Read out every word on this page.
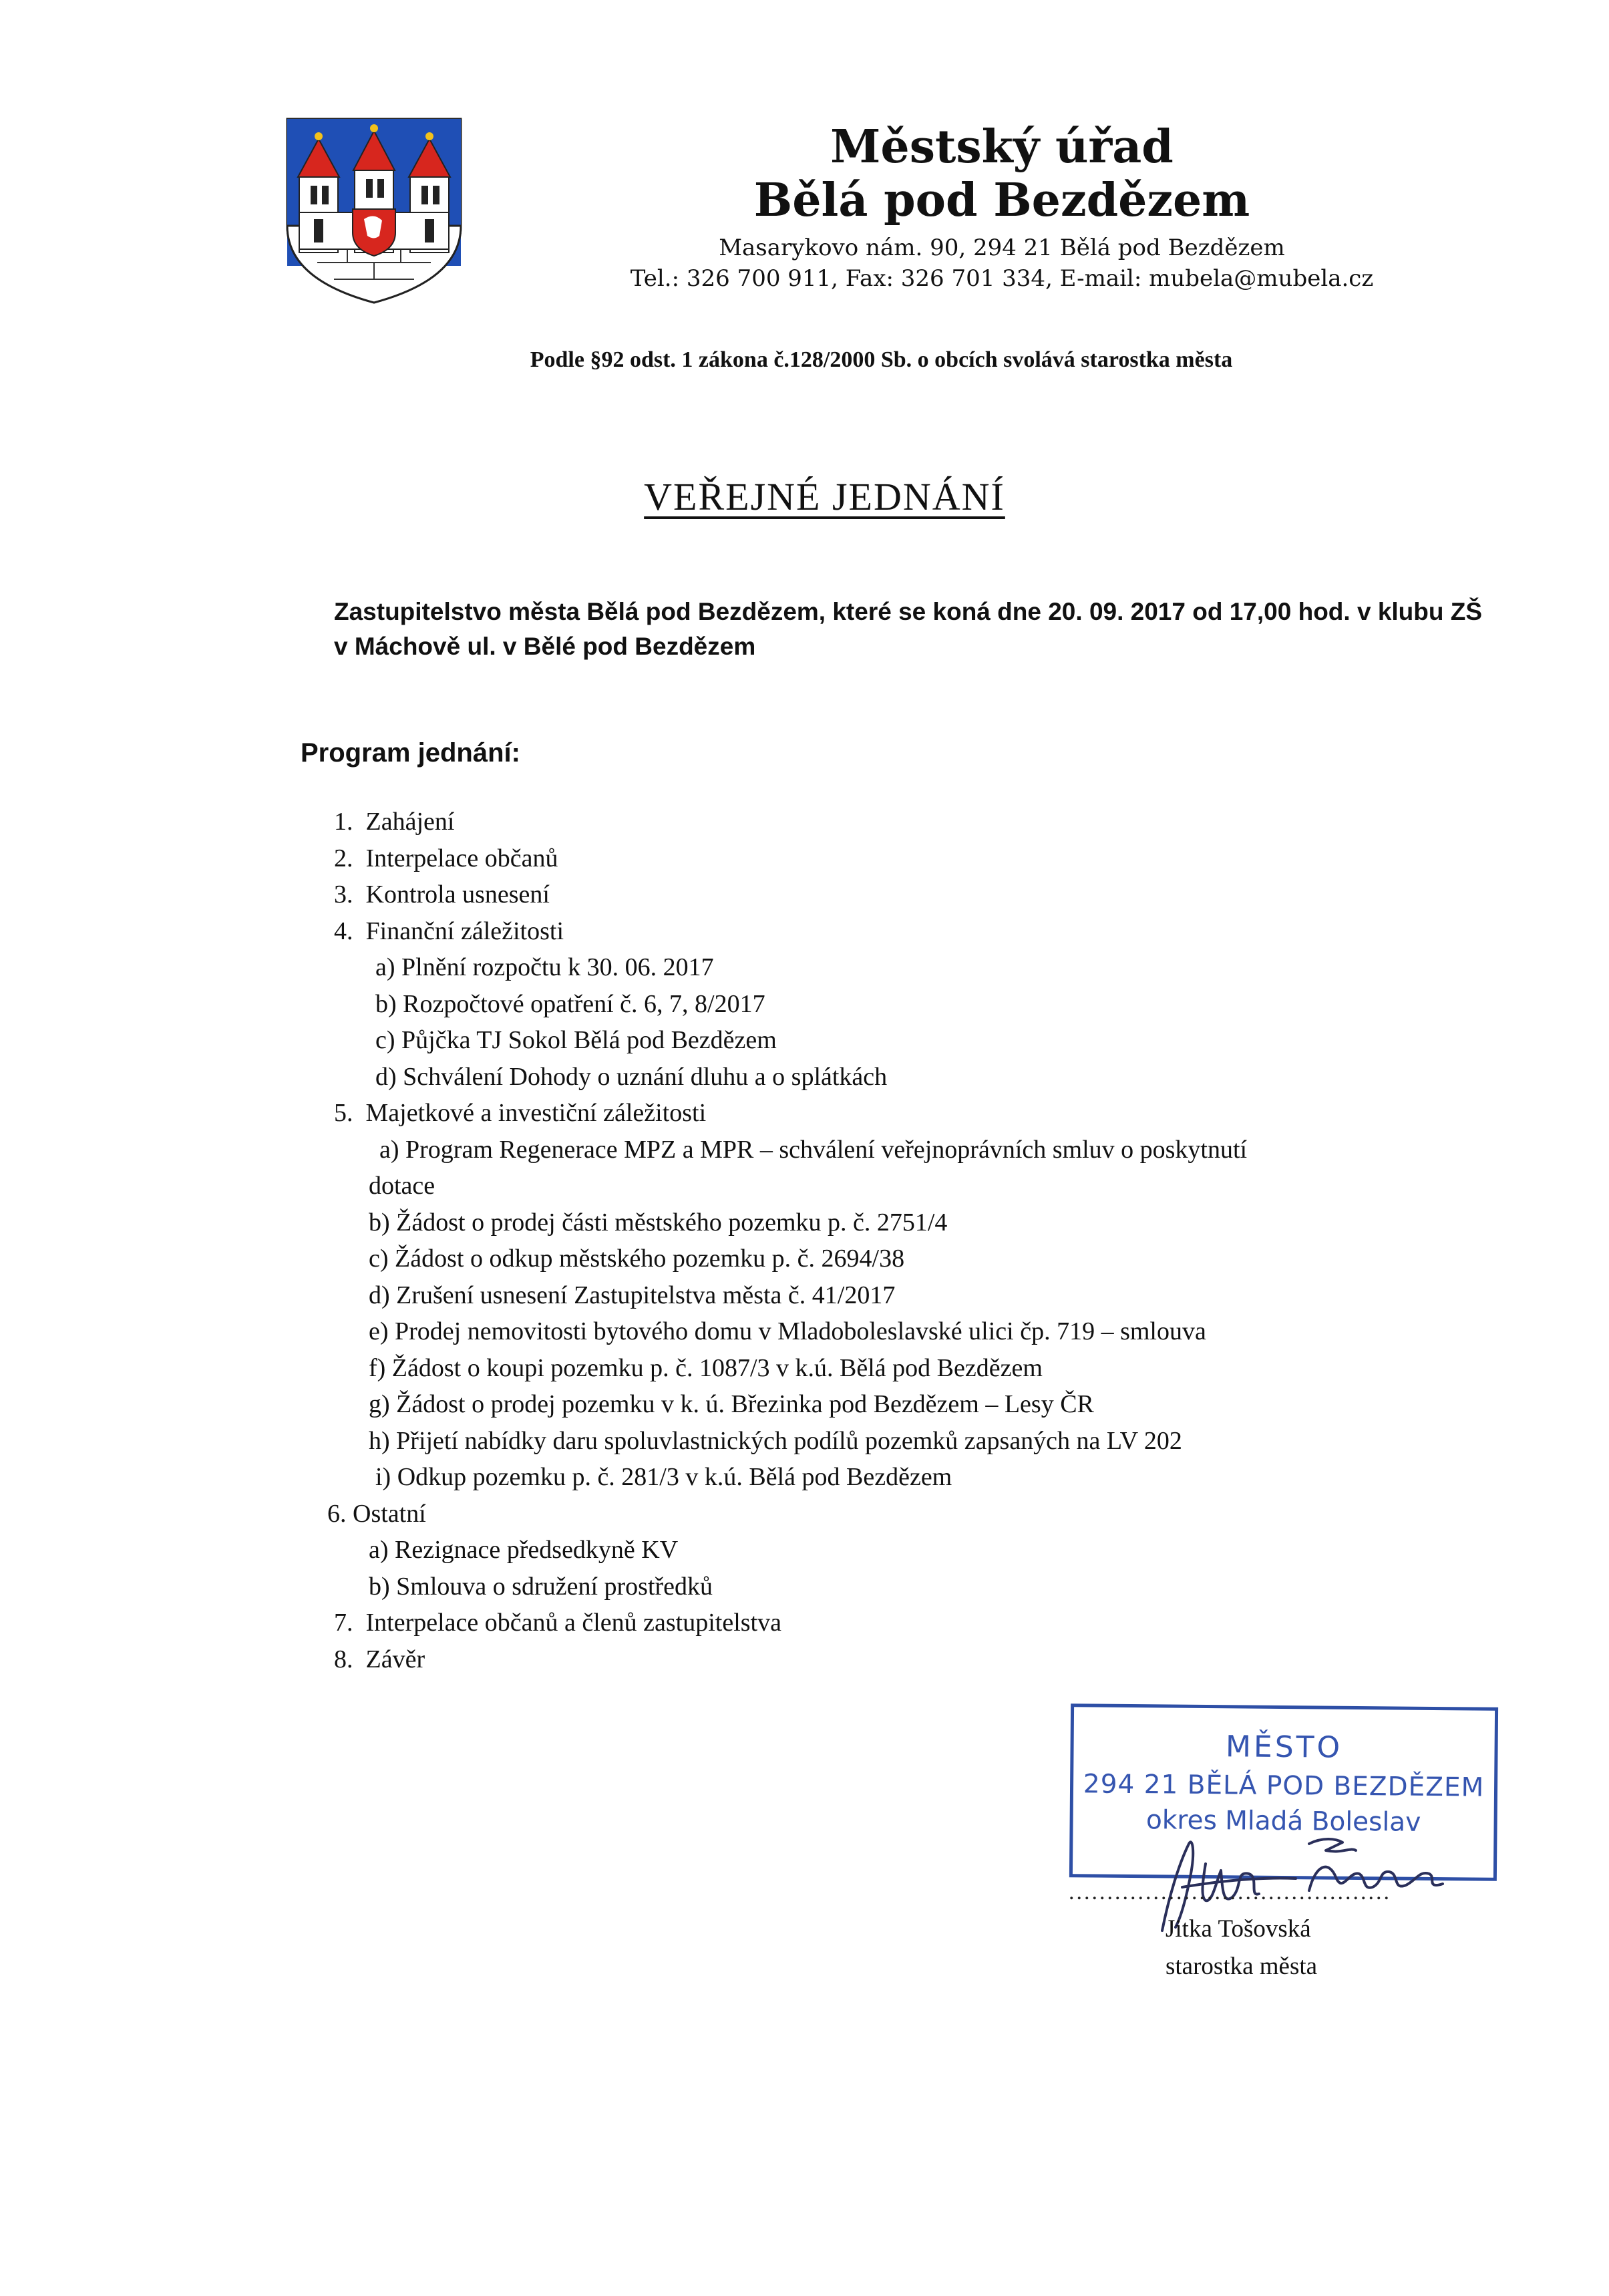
Městský úřad
Bělá pod Bezdězem
Masarykovo nám. 90, 294 21 Bělá pod Bezdězem
Tel.: 326 700 911, Fax: 326 701 334, E-mail: mubela@mubela.cz
Podle §92 odst. 1 zákona č.128/2000 Sb. o obcích svolává starostka města
VEŘEJNÉ JEDNÁNÍ
Zastupitelstvo města Bělá pod Bezdězem, které se koná dne 20. 09. 2017 od 17,00 hod. v klubu ZŠ
v Máchově ul. v Bělé pod Bezdězem
Program jednání:
1.  Zahájení
2.  Interpelace občanů
3.  Kontrola usnesení
4.  Finanční záležitosti
a) Plnění rozpočtu k 30. 06. 2017
b) Rozpočtové opatření č. 6, 7, 8/2017
c) Půjčka TJ Sokol Bělá pod Bezdězem
d) Schválení Dohody o uznání dluhu a o splátkách
5.  Majetkové a investiční záležitosti
a) Program Regenerace MPZ a MPR – schválení veřejnoprávních smluv o poskytnutí
dotace
b) Žádost o prodej části městského pozemku p. č. 2751/4
c) Žádost o odkup městského pozemku p. č. 2694/38
d) Zrušení usnesení Zastupitelstva města č. 41/2017
e) Prodej nemovitosti bytového domu v Mladoboleslavské ulici čp. 719 – smlouva
f) Žádost o koupi pozemku p. č. 1087/3 v k.ú. Bělá pod Bezdězem
g) Žádost o prodej pozemku v k. ú. Březinka pod Bezdězem – Lesy ČR
h) Přijetí nabídky daru spoluvlastnických podílů pozemků zapsaných na LV 202
i) Odkup pozemku p. č. 281/3 v k.ú. Bělá pod Bezdězem
6. Ostatní
a) Rezignace předsedkyně KV
b) Smlouva o sdružení prostředků
7.  Interpelace občanů a členů zastupitelstva
8.  Závěr
MĚSTO
294 21 BĚLÁ POD BEZDĚZEM
okres Mladá Boleslav
..........................................
Jitka Tošovská
starostka města
